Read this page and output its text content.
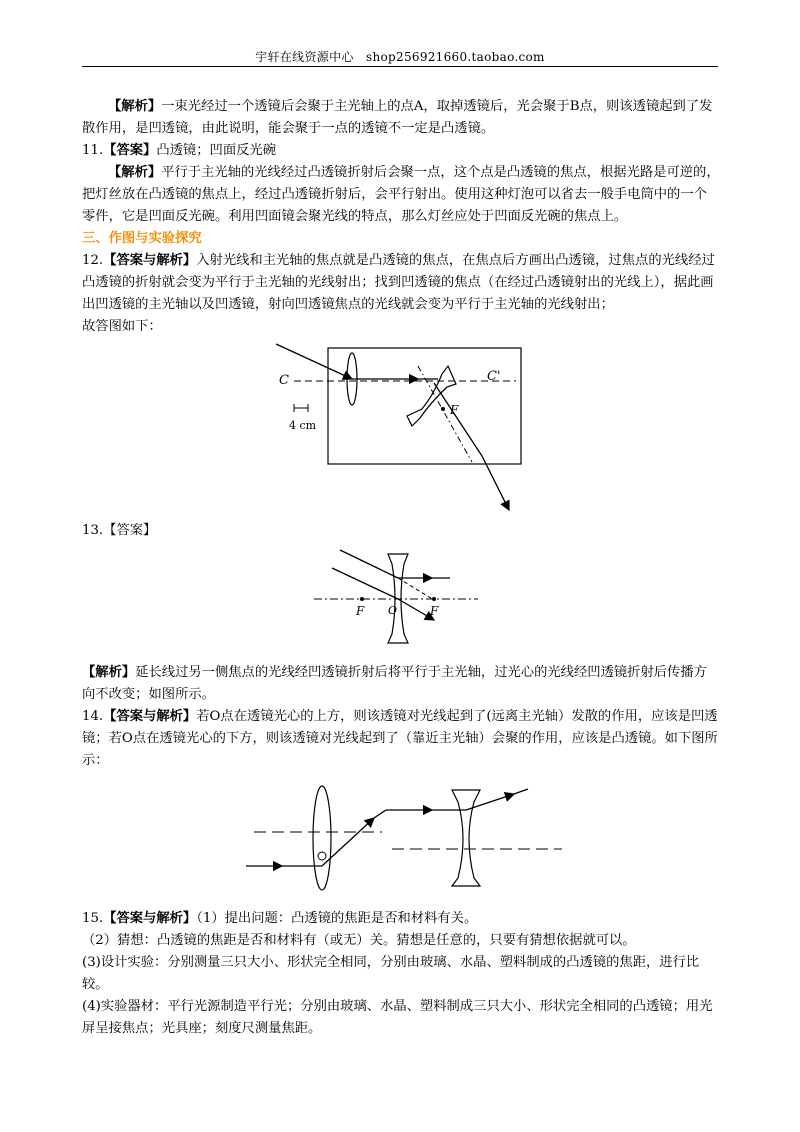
宇轩在线资源中心 shop256921660.taobao.com

【解析】一束光经过一个透镜后会聚于主光轴上的点A，取掉透镜后，光会聚于B点，则该透镜起到了发散作用，是凹透镜，由此说明，能会聚于一点的透镜不一定是凸透镜。

11.【答案】凸透镜；凹面反光碗

【解析】平行于主光轴的光线经过凸透镜折射后会聚一点，这个点是凸透镜的焦点，根据光路是可逆的，把灯丝放在凸透镜的焦点上，经过凸透镜折射后，会平行射出。使用这种灯泡可以省去一般手电筒中的一个零件，它是凹面反光碗。利用凹面镜会聚光线的特点，那么灯丝应处于凹面反光碗的焦点上。

三、作图与实验探究

12.【答案与解析】入射光线和主光轴的焦点就是凸透镜的焦点，在焦点后方画出凸透镜，过焦点的光线经过凸透镜的折射就会变为平行于主光轴的光线射出；找到凹透镜的焦点（在经过凸透镜射出的光线上），据此画出凹透镜的主光轴以及凹透镜，射向凹透镜焦点的光线就会变为平行于主光轴的光线射出；

故答图如下：

C	C'
F
4 cm

13.【答案】

F O	F

【解析】延长线过另一侧焦点的光线经凹透镜折射后将平行于主光轴，过光心的光线经凹透镜折射后传播方向不改变；如图所示。

14.【答案与解析】若O点在透镜光心的上方，则该透镜对光线起到了(远离主光轴）发散的作用，应该是凹透镜；若O点在透镜光心的下方，则该透镜对光线起到了（靠近主光轴）会聚的作用，应该是凸透镜。如下图所示：

O

15.【答案与解析】（1）提出问题：凸透镜的焦距是否和材料有关。

（2）猜想：凸透镜的焦距是否和材料有（或无）关。猜想是任意的，只要有猜想依据就可以。

(3)设计实验：分别测量三只大小、形状完全相同，分别由玻璃、水晶、塑料制成的凸透镜的焦距，进行比较。

(4)实验器材：平行光源制造平行光；分别由玻璃、水晶、塑料制成三只大小、形状完全相同的凸透镜；用光屏呈接焦点；光具座；刻度尺测量焦距。
